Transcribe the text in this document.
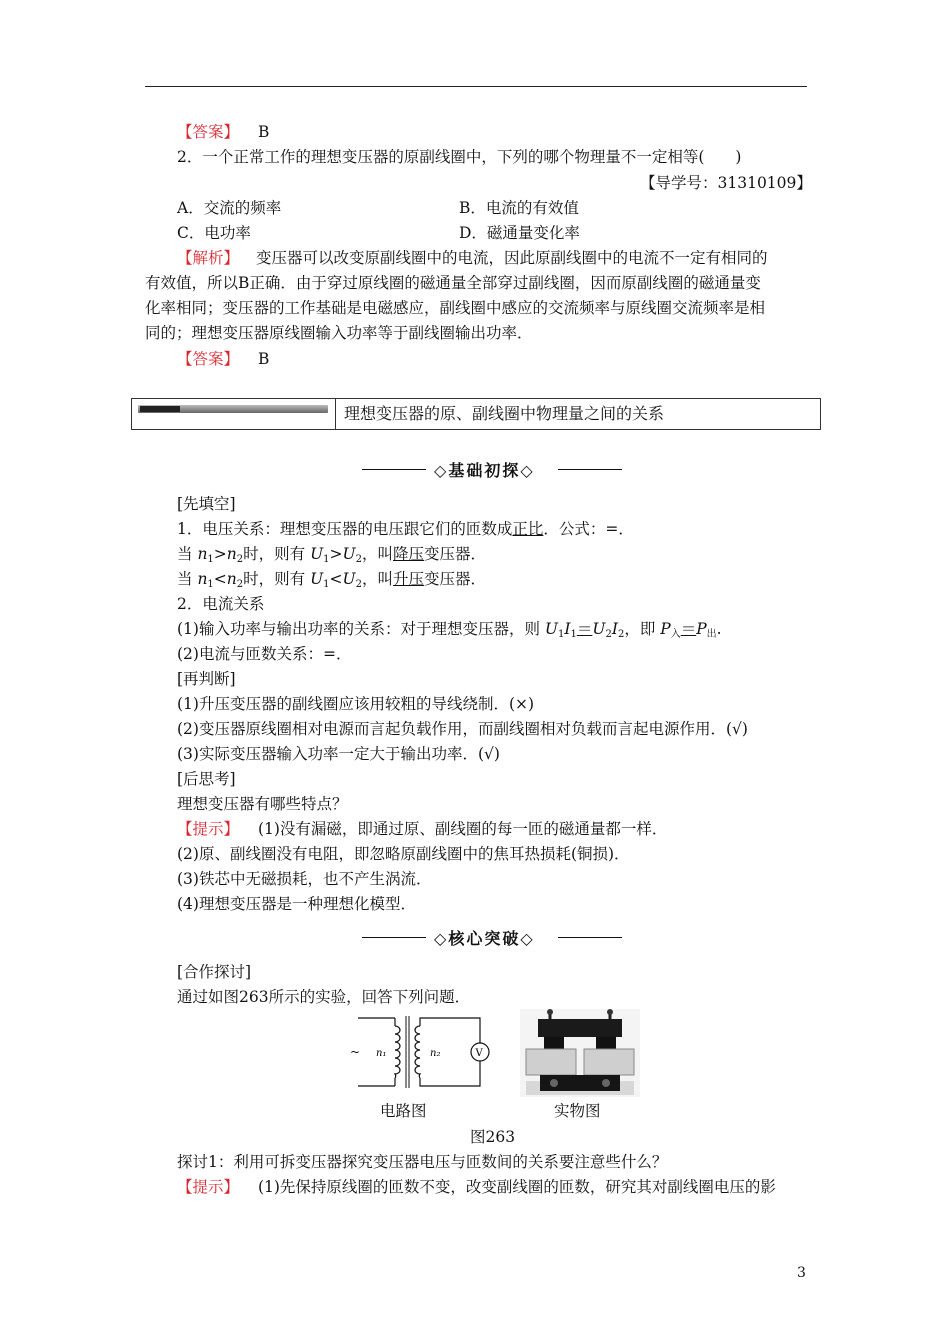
【答案】 B
2．一个正常工作的理想变压器的原副线圈中，下列的哪个物理量不一定相等(　　)
【导学号：31310109】
A．交流的频率	B．电流的有效值
C．电功率	D．磁通量变化率
【解析】 变压器可以改变原副线圈中的电流，因此原副线圈中的电流不一定有相同的
有效值，所以B正确．由于穿过原线圈的磁通量全部穿过副线圈，因而原副线圈的磁通量变
化率相同；变压器的工作基础是电磁感应，副线圈中感应的交流频率与原线圈交流频率是相
同的；理想变压器原线圈输入功率等于副线圈输出功率．
【答案】 B
理想变压器的原、副线圈中物理量之间的关系
◇基础初探◇
[先填空]
1．电压关系：理想变压器的电压跟它们的匝数成正比．公式：=．
当 $n_1>n_2$时，则有 $U_1>U_2$，叫降压变压器．
当 $n_1<n_2$时，则有 $U_1<U_2$，叫升压变压器．
2．电流关系
(1)输入功率与输出功率的关系：对于理想变压器，则 $U_1I_1=U_2I_2$，即 $P_入=P_出$.
(2)电流与匝数关系：=．
[再判断]
(1)升压变压器的副线圈应该用较粗的导线绕制．(×)
(2)变压器原线圈相对电源而言起负载作用，而副线圈相对负载而言起电源作用．(√)
(3)实际变压器输入功率一定大于输出功率．(√)
[后思考]
理想变压器有哪些特点？
【提示】 (1)没有漏磁，即通过原、副线圈的每一匝的磁通量都一样．
(2)原、副线圈没有电阻，即忽略原副线圈中的焦耳热损耗(铜损)．
(3)铁芯中无磁损耗，也不产生涡流．
(4)理想变压器是一种理想化模型．
◇核心突破◇
[合作探讨]
通过如图263所示的实验，回答下列问题．
~ n₁	n₂	V
电路图	实物图
图263
探讨1：利用可拆变压器探究变压器电压与匝数间的关系要注意些什么？
【提示】 (1)先保持原线圈的匝数不变，改变副线圈的匝数，研究其对副线圈电压的影
3
